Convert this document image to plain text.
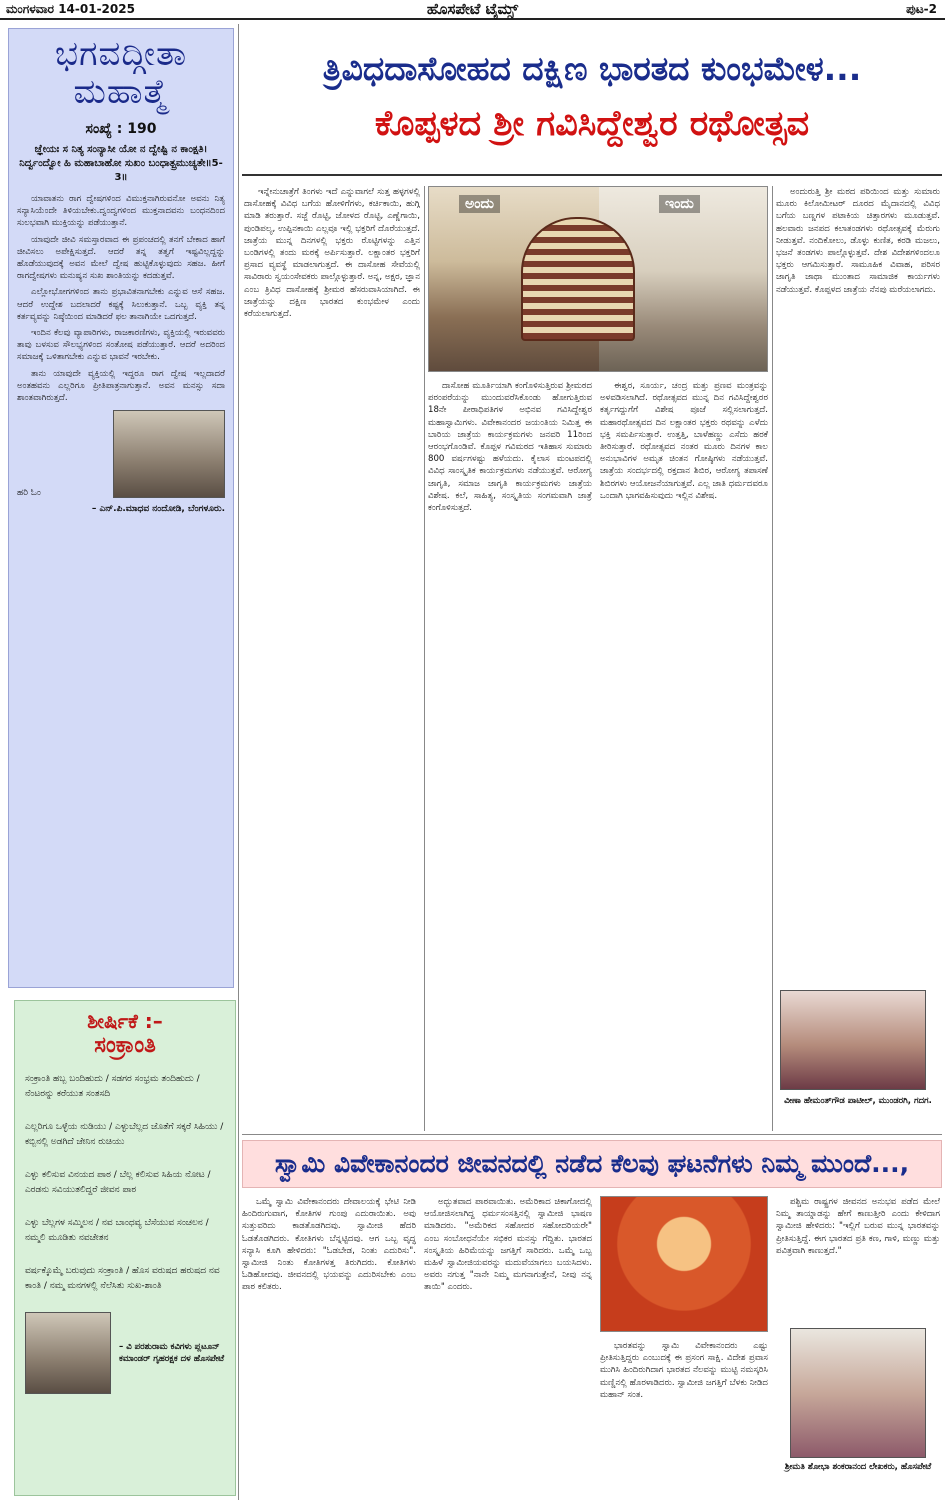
ಮಂಗಳವಾರ 14-01-2025	ಹೊಸಪೇಟೆ ಟೈಮ್ಸ್	ಪುಟ-2
ಭಗವದ್ಗೀತಾ
ಮಹಾತ್ಮೆ
ಸಂಖ್ಯೆ : 190
ಜ್ಞೇಯಃ ಸ ನಿತ್ಯ ಸಂನ್ಯಾಸೀ ಯೋ ನ ದ್ವೇಷ್ಟಿ ನ ಕಾಂಕ್ಷತಿ। ನಿರ್ದ್ವಂದ್ವೋ ಹಿ ಮಹಾಬಾಹೋ ಸುಖಂ ಬಂಧಾತ್ಪ್ರಮುಚ್ಯತೇ॥5-3॥

ಯಾವಾತನು ರಾಗ ದ್ವೇಷಗಳಿಂದ ವಿಮುಕ್ತನಾಗಿರುವನೋ ಅವನು ನಿತ್ಯ ಸನ್ಯಾಸಿಯೆಂದೇ ತಿಳಿಯಬೇಕು.ದ್ವಂದ್ವಗಳಿಂದ ಮುಕ್ತನಾದವನು ಬಂಧನದಿಂದ ಸುಲಭವಾಗಿ ಮುಕ್ತಿಯನ್ನು ಪಡೆಯುತ್ತಾನೆ.

ಯಾವುದೇ ಜೀವಿ ಸಮಸ್ತಾರವಾದ ಈ ಪ್ರಪಂಚದಲ್ಲಿ ತನಗೆ ಬೇಕಾದ ಹಾಗೆ ಜೀವಿಸಲು ಅಪೇಕ್ಷಿಸುತ್ತದೆ. ಆದರೆ ತನ್ನ ತತ್ವಗೆ ಇಷ್ಟವಿಲ್ಲದ್ದನ್ನು ಹೊಡೆಯುವುದಕ್ಕೆ ಅವನ ಮೇಲೆ ದ್ವೇಷ ಹುಟ್ಟಿಕೊಳ್ಳುವುದು ಸಹಜ. ಹೀಗೆ ರಾಗದ್ವೇಷಗಳು ಮನುಷ್ಯನ ಸುಖ ಶಾಂತಿಯನ್ನು ಕದಡುತ್ತವೆ.

ಎಲ್ಲೋಭೋಗಗಳಿಂದ ತಾನು ಪ್ರಭಾವಿತನಾಗಬೇಕು ಎನ್ನುವ ಆಸೆ ಸಹಜ. ಆದರೆ ಉದ್ದೇಶ ಬದಲಾದರೆ ಕಷ್ಟಕ್ಕೆ ಸಿಲುಕುತ್ತಾನೆ. ಒಬ್ಬ ವ್ಯಕ್ತಿ ತನ್ನ ಕರ್ತವ್ಯವನ್ನು ನಿಷ್ಠೆಯಿಂದ ಮಾಡಿದರೆ ಫಲ ತಾನಾಗಿಯೇ ಒದಗುತ್ತದೆ.

ಇಂದಿನ ಕೆಲವು ವ್ಯಾಪಾರಿಗಳು, ರಾಜಕಾರಣಿಗಳು, ವ್ಯಕ್ತಿಯಲ್ಲಿ ಇರುವವರು ತಾವು ಬಳಸುವ ಸೌಲಭ್ಯಗಳಿಂದ ಸಂತೋಷ ಪಡೆಯುತ್ತಾರೆ. ಆದರೆ ಅದರಿಂದ ಸಮಾಜಕ್ಕೆ ಒಳಿತಾಗಬೇಕು ಎನ್ನುವ ಭಾವನೆ ಇರಬೇಕು.

ತಾನು ಯಾವುದೇ ವ್ಯಕ್ತಿಯಲ್ಲಿ ಇದ್ದರೂ ರಾಗ ದ್ವೇಷ ಇಲ್ಲದಾದರೆ ಅಂತಹವನು ಎಲ್ಲರಿಗೂ ಪ್ರೀತಿಪಾತ್ರನಾಗುತ್ತಾನೆ. ಅವನ ಮನಸ್ಸು ಸದಾ ಶಾಂತವಾಗಿರುತ್ತದೆ.

ಹರಿ ಓಂ
– ಎನ್.ಪಿ.ಮಾಧವ ನಂದೋಡಿ, ಬೆಂಗಳೂರು.
ಶೀರ್ಷಿಕೆ :–
ಸಂಕ್ರಾಂತಿ
ಸಂಕ್ರಾಂತಿ ಹಬ್ಬ ಬಂದಿಹುದು / ಸಡಗರ ಸಂಭ್ರಮ ತಂದಿಹುದು / ನೆಂಟರನ್ನು ಕರೆಯುತ ಸಂತಸದಿ
ಎಲ್ಲರಿಗೂ ಒಳ್ಳೆಯ ನುಡಿಯು / ಎಳ್ಳುಬೆಲ್ಲದ ಜೊತೆಗೆ ಸಕ್ಕರೆ ಸಿಹಿಯು / ಕಬ್ಬಿನಲ್ಲಿ ಅಡಗಿದೆ ಜೇನಿನ ರುಚಿಯು
ಎಳ್ಳು ಕಲಿಸುವ ವಿನಯದ ಪಾಠ / ಬೆಲ್ಲ ಕಲಿಸುವ ಸಿಹಿಯ ನೋಟ / ಎರಡನು ಸವಿಯುತಲಿದ್ದರೆ ಜೀವನ ಪಾಠ
ಎಳ್ಳು ಬೆಲ್ಲಗಳ ಸಮ್ಮಿಲನ / ನವ ಬಾಂಧವ್ಯ ಬೆಸೆಯುವ ಸಂಚಲನ / ನಮ್ಮಲಿ ಮೂಡಿತು ನವಚೇತನ
ವರ್ಷಕ್ಕೊಮ್ಮೆ ಬರುವುದು ಸಂಕ್ರಾಂತಿ / ಹೊಸ ವರುಷದ ಹರುಷದ ನವ ಕಾಂತಿ / ನಮ್ಮ ಮನಗಳಲ್ಲಿ ನೆಲೆಸಿತು ಸುಖ-ಶಾಂತಿ
– ವಿ ಪರಶುರಾಮ ಕವಿಗಳು ಪ್ಲಟೂನ್ ಕಮಾಂಡರ್ ಗೃಹರಕ್ಷಕ ದಳ ಹೊಸಪೇಟೆ
ತ್ರಿವಿಧದಾಸೋಹದ ದಕ್ಷಿಣ ಭಾರತದ ಕುಂಭಮೇಳ...
ಕೊಪ್ಪಳದ ಶ್ರೀ ಗವಿಸಿದ್ದೇಶ್ವರ ರಥೋತ್ಸವ
ಅಂದು	ಇಂದು

ಇನ್ನೇನುಚಾತ್ರೆಗೆ ತಿಂಗಳು ಇದೆ ಎನ್ನುವಾಗಲೆ ಸುತ್ತ ಹಳ್ಳಗಳಲ್ಲಿ ದಾಸೋಹಕ್ಕೆ ವಿವಿಧ ಬಗೆಯ ಹೋಳಿಗೆಗಳು, ಕರ್ಚಿಕಾಯಿ, ಹುಗ್ಗಿ ಮಾಡಿ ತರುತ್ತಾರೆ. ಸಜ್ಜೆ ರೊಟ್ಟಿ, ಜೋಳದ ರೊಟ್ಟಿ, ಎಣ್ಣೆಗಾಯಿ, ಪುಂಡಿಪಲ್ಯ, ಉಪ್ಪಿನಕಾಯಿ ಎಲ್ಲವೂ ಇಲ್ಲಿ ಭಕ್ತರಿಗೆ ದೊರೆಯುತ್ತದೆ. ಜಾತ್ರೆಯ ಮುನ್ನ ದಿನಗಳಲ್ಲಿ ಭಕ್ತರು ರೊಟ್ಟಿಗಳನ್ನು ಎತ್ತಿನ ಬಂಡಿಗಳಲ್ಲಿ ತಂದು ಮಠಕ್ಕೆ ಅರ್ಪಿಸುತ್ತಾರೆ. ಲಕ್ಷಾಂತರ ಭಕ್ತರಿಗೆ ಪ್ರಸಾದ ವ್ಯವಸ್ಥೆ ಮಾಡಲಾಗುತ್ತದೆ. ಈ ದಾಸೋಹ ಸೇವೆಯಲ್ಲಿ ಸಾವಿರಾರು ಸ್ವಯಂಸೇವಕರು ಪಾಲ್ಗೊಳ್ಳುತ್ತಾರೆ. ಅನ್ನ, ಅಕ್ಷರ, ಜ್ಞಾನ ಎಂಬ ತ್ರಿವಿಧ ದಾಸೋಹಕ್ಕೆ ಶ್ರೀಮಠ ಹೆಸರುವಾಸಿಯಾಗಿದೆ. ಈ ಜಾತ್ರೆಯನ್ನು ದಕ್ಷಿಣ ಭಾರತದ ಕುಂಭಮೇಳ ಎಂದು ಕರೆಯಲಾಗುತ್ತದೆ.

ದಾಸೋಹ ಮೂರ್ತಿಯಾಗಿ ಕಂಗೊಳಿಸುತ್ತಿರುವ ಶ್ರೀಮಠದ ಪರಂಪರೆಯನ್ನು ಮುಂದುವರೆಸಿಕೊಂಡು ಹೋಗುತ್ತಿರುವ 18ನೇ ಪೀಠಾಧಿಪತಿಗಳ ಅಭಿನವ ಗವಿಸಿದ್ದೇಶ್ವರ ಮಹಾಸ್ವಾಮಿಗಳು. ವಿವೇಕಾನಂದರ ಜಯಂತಿಯ ನಿಮಿತ್ತ ಈ ಬಾರಿಯ ಜಾತ್ರೆಯ ಕಾರ್ಯಕ್ರಮಗಳು ಜನವರಿ 11ರಿಂದ ಆರಂಭಗೊಂಡಿವೆ. ಕೊಪ್ಪಳ ಗವಿಮಠದ ಇತಿಹಾಸ ಸುಮಾರು 800 ವರ್ಷಗಳಷ್ಟು ಹಳೆಯದು. ಕೈಲಾಸ ಮಂಟಪದಲ್ಲಿ ವಿವಿಧ ಸಾಂಸ್ಕೃತಿಕ ಕಾರ್ಯಕ್ರಮಗಳು ನಡೆಯುತ್ತವೆ. ಆರೋಗ್ಯ ಜಾಗೃತಿ, ಸಮಾಜ ಜಾಗೃತಿ ಕಾರ್ಯಕ್ರಮಗಳು ಜಾತ್ರೆಯ ವಿಶೇಷ. ಕಲೆ, ಸಾಹಿತ್ಯ, ಸಂಸ್ಕೃತಿಯ ಸಂಗಮವಾಗಿ ಜಾತ್ರೆ ಕಂಗೊಳಿಸುತ್ತದೆ.

ಈಶ್ವರ, ಸೂರ್ಯ, ಚಂದ್ರ ಮತ್ತು ಪ್ರಣವ ಮಂತ್ರವನ್ನು ಅಳವಡಿಸಲಾಗಿದೆ. ರಥೋತ್ಸವದ ಮುನ್ನ ದಿನ ಗವಿಸಿದ್ದೇಶ್ವರರ ಕರ್ತೃಗದ್ದುಗೆಗೆ ವಿಶೇಷ ಪೂಜೆ ಸಲ್ಲಿಸಲಾಗುತ್ತದೆ. ಮಹಾರಥೋತ್ಸವದ ದಿನ ಲಕ್ಷಾಂತರ ಭಕ್ತರು ರಥವನ್ನು ಎಳೆದು ಭಕ್ತಿ ಸಮರ್ಪಿಸುತ್ತಾರೆ. ಉತ್ತತ್ತಿ, ಬಾಳೆಹಣ್ಣು ಎಸೆದು ಹರಕೆ ತೀರಿಸುತ್ತಾರೆ. ರಥೋತ್ಸವದ ನಂತರ ಮೂರು ದಿನಗಳ ಕಾಲ ಅನುಭಾವಿಗಳ ಅಮೃತ ಚಿಂತನ ಗೋಷ್ಠಿಗಳು ನಡೆಯುತ್ತವೆ. ಜಾತ್ರೆಯ ಸಂದರ್ಭದಲ್ಲಿ ರಕ್ತದಾನ ಶಿಬಿರ, ಆರೋಗ್ಯ ತಪಾಸಣೆ ಶಿಬಿರಗಳು ಆಯೋಜನೆಯಾಗುತ್ತವೆ. ಎಲ್ಲ ಜಾತಿ ಧರ್ಮದವರೂ ಒಂದಾಗಿ ಭಾಗವಹಿಸುವುದು ಇಲ್ಲಿನ ವಿಶೇಷ.

ಅಂದುರುತ್ತಿ ಶ್ರೀ ಮಠದ ಪಠಿಯಿಂದ ಮತ್ತು ಸುಮಾರು ಮೂರು ಕಿಲೋಮೀಟರ್ ದೂರದ ಮೈದಾನದಲ್ಲಿ ವಿವಿಧ ಬಗೆಯ ಬಣ್ಣಗಳ ಪಟಾಕಿಯ ಚಿತ್ತಾರಗಳು ಮೂಡುತ್ತವೆ. ಹಲವಾರು ಜನಪದ ಕಲಾತಂಡಗಳು ರಥೋತ್ಸವಕ್ಕೆ ಮೆರುಗು ನೀಡುತ್ತವೆ. ನಂದಿಕೋಲು, ಡೊಳ್ಳು ಕುಣಿತ, ಕರಡಿ ಮಜಲು, ಭಜನೆ ತಂಡಗಳು ಪಾಲ್ಗೊಳ್ಳುತ್ತವೆ. ದೇಶ ವಿದೇಶಗಳಿಂದಲೂ ಭಕ್ತರು ಆಗಮಿಸುತ್ತಾರೆ. ಸಾಮೂಹಿಕ ವಿವಾಹ, ಪರಿಸರ ಜಾಗೃತಿ ಜಾಥಾ ಮುಂತಾದ ಸಾಮಾಜಿಕ ಕಾರ್ಯಗಳು ನಡೆಯುತ್ತವೆ. ಕೊಪ್ಪಳದ ಜಾತ್ರೆಯ ನೆನಪು ಮರೆಯಲಾಗದು.

ವೀಣಾ ಹೇಮಂತ್‌ಗೌಡ ಪಾಟೀಲ್, ಮುಂಡರಗಿ, ಗದಗ.
ಸ್ವಾಮಿ ವಿವೇಕಾನಂದರ ಜೀವನದಲ್ಲಿ ನಡೆದ ಕೆಲವು ಘಟನೆಗಳು ನಿಮ್ಮ ಮುಂದೆ...,

ಒಮ್ಮೆ ಸ್ವಾಮಿ ವಿವೇಕಾನಂದರು ದೇವಾಲಯಕ್ಕೆ ಭೇಟಿ ನೀಡಿ ಹಿಂದಿರುಗುವಾಗ, ಕೋತಿಗಳ ಗುಂಪು ಎದುರಾಯಿತು. ಅವು ಸುತ್ತುವರಿದು ಕಾಡತೊಡಗಿದವು. ಸ್ವಾಮೀಜಿ ಹೆದರಿ ಓಡತೊಡಗಿದರು. ಕೋತಿಗಳು ಬೆನ್ನಟ್ಟಿದವು. ಆಗ ಒಬ್ಬ ವೃದ್ಧ ಸನ್ಯಾಸಿ ಕೂಗಿ ಹೇಳಿದರು: "ಓಡಬೇಡ, ನಿಂತು ಎದುರಿಸು". ಸ್ವಾಮೀಜಿ ನಿಂತು ಕೋತಿಗಳತ್ತ ತಿರುಗಿದರು. ಕೋತಿಗಳು ಓಡಿಹೋದವು. ಜೀವನದಲ್ಲಿ ಭಯವನ್ನು ಎದುರಿಸಬೇಕು ಎಂಬ ಪಾಠ ಕಲಿತರು.

ಅದ್ಭುತವಾದ ಪಾಠವಾಯಿತು. ಅಮೆರಿಕಾದ ಚಿಕಾಗೋದಲ್ಲಿ ಆಯೋಜಿಸಲಾಗಿದ್ದ ಧರ್ಮಸಂಸತ್ತಿನಲ್ಲಿ ಸ್ವಾಮೀಜಿ ಭಾಷಣ ಮಾಡಿದರು. "ಅಮೆರಿಕದ ಸಹೋದರ ಸಹೋದರಿಯರೇ" ಎಂಬ ಸಂಬೋಧನೆಯೇ ಸಭಿಕರ ಮನಸ್ಸು ಗೆದ್ದಿತು. ಭಾರತದ ಸಂಸ್ಕೃತಿಯ ಹಿರಿಮೆಯನ್ನು ಜಗತ್ತಿಗೆ ಸಾರಿದರು. ಒಮ್ಮೆ ಒಬ್ಬ ಮಹಿಳೆ ಸ್ವಾಮೀಜಿಯವರನ್ನು ಮದುವೆಯಾಗಲು ಬಯಸಿದಳು. ಅವರು ನಗುತ್ತ "ನಾನೇ ನಿಮ್ಮ ಮಗನಾಗುತ್ತೇನೆ, ನೀವು ನನ್ನ ತಾಯಿ" ಎಂದರು.

ಭಾರತವನ್ನು ಸ್ವಾಮಿ ವಿವೇಕಾನಂದರು ಎಷ್ಟು ಪ್ರೀತಿಸುತ್ತಿದ್ದರು ಎಂಬುದಕ್ಕೆ ಈ ಪ್ರಸಂಗ ಸಾಕ್ಷಿ. ವಿದೇಶ ಪ್ರವಾಸ ಮುಗಿಸಿ ಹಿಂದಿರುಗಿದಾಗ ಭಾರತದ ನೆಲವನ್ನು ಮುಟ್ಟಿ ನಮಸ್ಕರಿಸಿ ಮಣ್ಣಿನಲ್ಲಿ ಹೊರಳಾಡಿದರು. ಸ್ವಾಮೀಜಿ ಜಗತ್ತಿಗೆ ಬೆಳಕು ನೀಡಿದ ಮಹಾನ್ ಸಂತ.

ಪಶ್ಚಿಮ ರಾಷ್ಟ್ರಗಳ ಜೀವನದ ಅನುಭವ ಪಡೆದ ಮೇಲೆ ನಿಮ್ಮ ತಾಯ್ನಾಡನ್ನು ಹೇಗೆ ಕಾಣುತ್ತೀರಿ ಎಂದು ಕೇಳಿದಾಗ ಸ್ವಾಮೀಜಿ ಹೇಳಿದರು: "ಇಲ್ಲಿಗೆ ಬರುವ ಮುನ್ನ ಭಾರತವನ್ನು ಪ್ರೀತಿಸುತ್ತಿದ್ದೆ. ಈಗ ಭಾರತದ ಪ್ರತಿ ಕಣ, ಗಾಳಿ, ಮಣ್ಣು ಮತ್ತು ಪವಿತ್ರವಾಗಿ ಕಾಣುತ್ತದೆ."

ಶ್ರೀಮತಿ ಶೋಭಾ ಶಂಕರಾನಂದ ಲೇಖಕರು, ಹೊಸಪೇಟೆ
